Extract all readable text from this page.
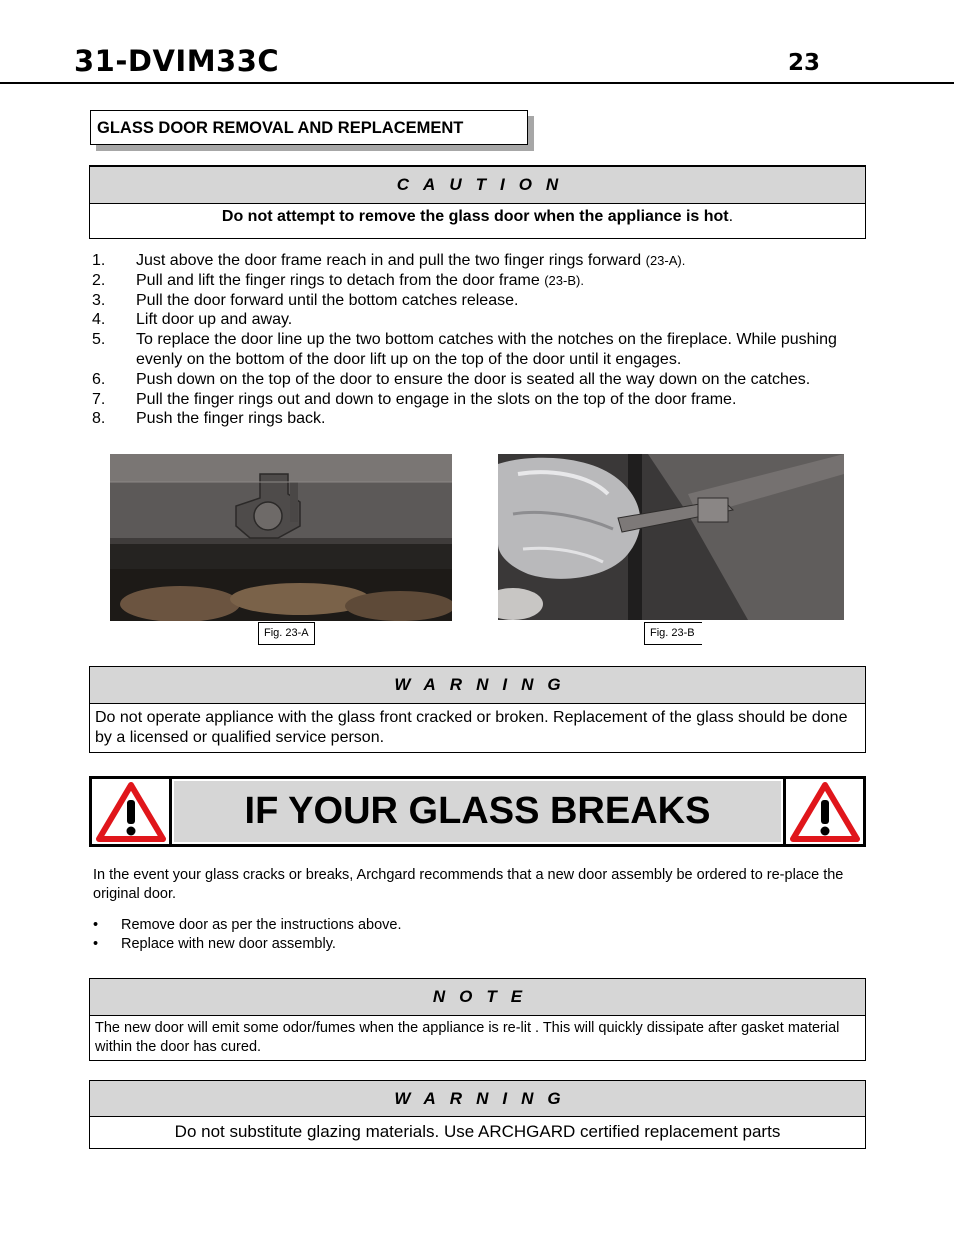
31-DVIM33C	23
GLASS DOOR REMOVAL AND REPLACEMENT
CAUTION
Do not attempt to remove the glass door when the appliance is hot.
1.	Just above the door frame reach in and pull the two finger rings forward (23-A).
2.	Pull and lift the finger rings to detach from the door frame (23-B).
3.	Pull the door forward until the bottom catches release.
4.	Lift door up and away.
5.	To replace the door line up the two bottom catches with the notches on the fireplace. While pushing evenly on the bottom of the door lift up on the top of the door until it engages.
6.	Push down on the top of the door to ensure the door is seated all the way down on the catches.
7.	Pull the finger rings out and down to engage in the slots on the top of the door frame.
8.	Push the finger rings back.
Fig. 23-A	Fig. 23-B
WARNING
Do not operate appliance with the glass front cracked or broken. Replacement of the glass should be done by a licensed or qualified service person.
IF YOUR GLASS BREAKS
In the event your glass cracks or breaks, Archgard recommends that a new door assembly be ordered to re-place the original door.
•	Remove door as per the instructions above.
•	Replace with new door assembly.
NOTE
The new door will emit some odor/fumes when the appliance is re-lit . This will quickly dissipate after gasket material within the door has cured.
WARNING
Do not substitute glazing materials. Use ARCHGARD certified replacement parts
